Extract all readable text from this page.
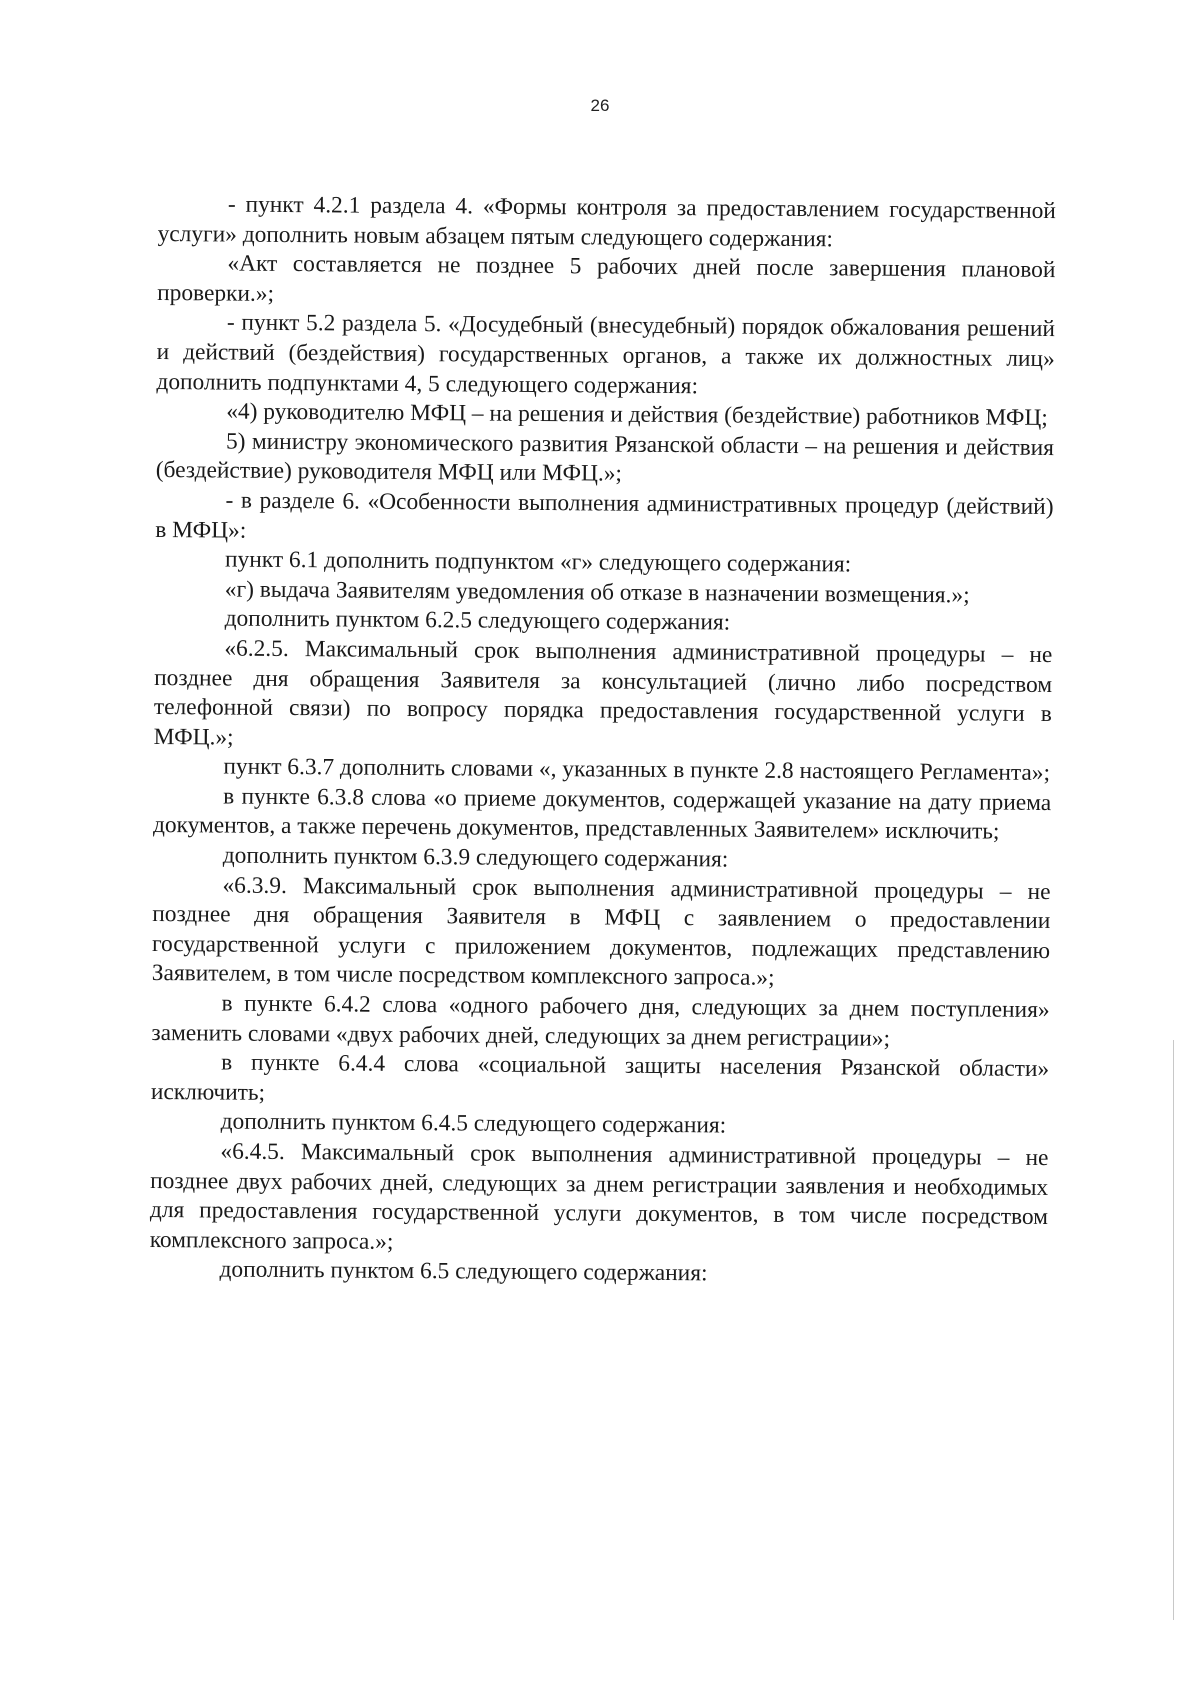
26

- пункт 4.2.1 раздела 4. «Формы контроля за предоставлением государственной услуги» дополнить новым абзацем пятым следующего содержания:

«Акт составляется не позднее 5 рабочих дней после завершения плановой проверки.»;

- пункт 5.2 раздела 5. «Досудебный (внесудебный) порядок обжалования решений и действий (бездействия) государственных органов, а также их должностных лиц» дополнить подпунктами 4, 5 следующего содержания:

«4) руководителю МФЦ – на решения и действия (бездействие) работников МФЦ;

5) министру экономического развития Рязанской области – на решения и действия (бездействие) руководителя МФЦ или МФЦ.»;

- в разделе 6. «Особенности выполнения административных процедур (действий) в МФЦ»:

пункт 6.1 дополнить подпунктом «г» следующего содержания:

«г) выдача Заявителям уведомления об отказе в назначении возмещения.»;

дополнить пунктом 6.2.5 следующего содержания:

«6.2.5. Максимальный срок выполнения административной процедуры – не позднее дня обращения Заявителя за консультацией (лично либо посредством телефонной связи) по вопросу порядка предоставления государственной услуги в МФЦ.»;

пункт 6.3.7 дополнить словами «, указанных в пункте 2.8 настоящего Регламента»;

в пункте 6.3.8 слова «о приеме документов, содержащей указание на дату приема документов, а также перечень документов, представленных Заявителем» исключить;

дополнить пунктом 6.3.9 следующего содержания:

«6.3.9. Максимальный срок выполнения административной процедуры – не позднее дня обращения Заявителя в МФЦ с заявлением о предоставлении государственной услуги с приложением документов, подлежащих представлению Заявителем, в том числе посредством комплексного запроса.»;

в пункте 6.4.2 слова «одного рабочего дня, следующих за днем поступления» заменить словами «двух рабочих дней, следующих за днем регистрации»;

в пункте 6.4.4 слова «социальной защиты населения Рязанской области» исключить;

дополнить пунктом 6.4.5 следующего содержания:

«6.4.5. Максимальный срок выполнения административной процедуры – не позднее двух рабочих дней, следующих за днем регистрации заявления и необходимых для предоставления государственной услуги документов, в том числе посредством комплексного запроса.»;

дополнить пунктом 6.5 следующего содержания:
